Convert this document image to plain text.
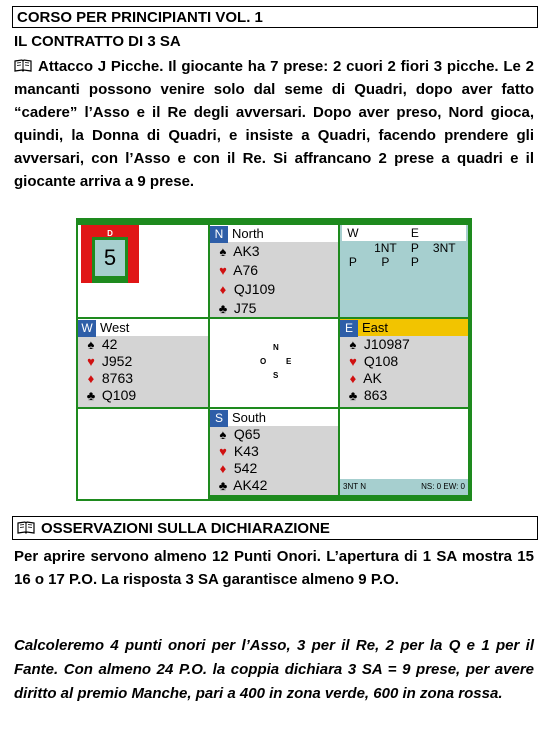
CORSO PER PRINCIPIANTI VOL. 1
IL CONTRATTO DI 3 SA
Attacco J Picche. Il giocante ha 7 prese: 2 cuori 2 fiori 3 picche. Le 2 mancanti possono venire solo dal seme di Quadri, dopo aver fatto “cadere” l’Asso e il Re degli avversari. Dopo aver preso, Nord gioca, quindi, la Donna di Quadri, e insiste a Quadri, facendo prendere gli avversari, con l’Asso e con il Re. Si affrancano 2 prese a quadri e il giocante arriva a 9 prese.
D
5
N North
♠ AK3
♥ A76
♦ QJ109
♣ J75
W	N	E	S
	1NT	P	3NT
P	P	P	
W West
♠ 42
♥ J952
♦ 8763
♣ Q109
N
O E
S
E East
♠ J10987
♥ Q108
♦ AK
♣ 863
S South
♠ Q65
♥ K43
♦ 542
♣ AK42	3NT N	NS: 0 EW: 0
OSSERVAZIONI SULLA DICHIARAZIONE
Per aprire servono almeno 12 Punti Onori. L’apertura di 1 SA mostra 15 16 o 17 P.O. La risposta 3 SA garantisce almeno 9 P.O.
Calcoleremo 4 punti onori per l’Asso, 3 per il Re, 2 per la Q e 1 per il Fante. Con almeno 24 P.O. la coppia dichiara 3 SA = 9 prese, per avere diritto al premio Manche, pari a 400 in zona verde, 600 in zona rossa.
